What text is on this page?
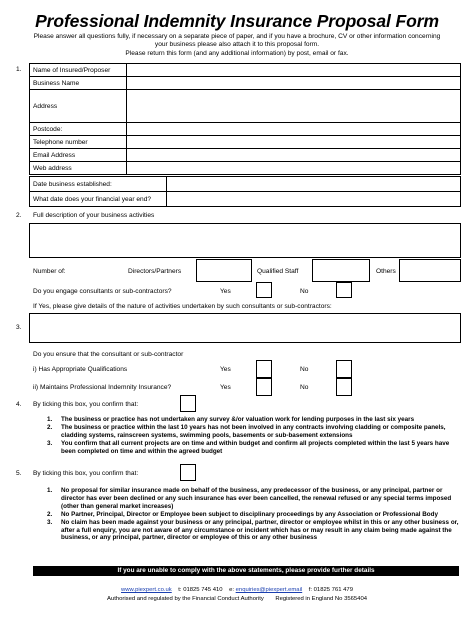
Professional Indemnity Insurance Proposal Form
Please answer all questions fully, if necessary on a separate piece of paper, and if you have a brochure, CV or other information concerning
your business please also attach it to this proposal form.
Please return this form (and any additional information) by post, email or fax.
1. Name of Insured/Proposer	
Business Name	
Address	
Postcode:	
Telephone number	
Email Address	
Web address	
Date business established:	
What date does your financial year end?	
2. Full description of your business activities
Number of:	Directors/Partners	Qualified Staff	Others
Do you engage consultants or sub-contractors?	Yes	No
If Yes, please give details of the nature of activities undertaken by such consultants or sub-contractors:
3.
Do you ensure that the consultant or sub-contractor
i) Has Appropriate Qualifications	Yes	No
ii) Maintains Professional Indemnity Insurance?	Yes	No
4. By ticking this box, you confirm that:
1. The business or practice has not undertaken any survey &/or valuation work for lending purposes in the last six years
2. The business or practice within the last 10 years has not been involved in any contracts involving cladding or composite panels, cladding systems, rainscreen systems, swimming pools, basements or sub-basement extensions
3. You confirm that all current projects are on time and within budget and confirm all projects completed within the last 5 years have been completed on time and within the agreed budget
5. By ticking this box, you confirm that:
1. No proposal for similar insurance made on behalf of the business, any predecessor of the business, or any principal, partner or director has ever been declined or any such insurance has ever been cancelled, the renewal refused or any special terms imposed (other than general market increases)
2. No Partner, Principal, Director or Employee been subject to disciplinary proceedings by any Association or Professional Body
3. No claim has been made against your business or any principal, partner, director or employee whilst in this or any other business or, after a full enquiry, you are not aware of any circumstance or incident which has or may result in any claim being made against the business, or any principal, partner, director or employee of this or any other business
If you are unable to comply with the above statements, please provide further details
www.piexpert.co.uk t: 01825 745 410 e: enquiries@piexpert.email f: 01825 761 479
Authorised and regulated by the Financial Conduct Authority Registered in England No 3565404
